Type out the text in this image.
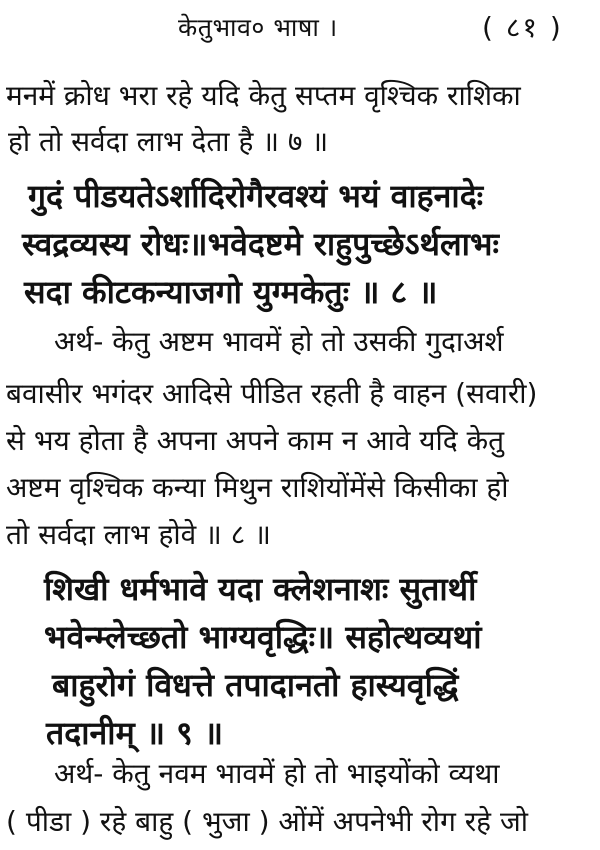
केतुभाव० भाषा ।	( ८१ )
मनमें क्रोध भरा रहे यदि केतु सप्तम वृश्चिक राशिका
हो तो सर्वदा लाभ देता है ॥ ७ ॥
गुदं पीडयतेऽर्शादिरोगैरवश्यं भयं वाहनादेः
स्वद्रव्यस्य रोधः॥भवेदष्टमे राहुपुच्छेऽर्थलाभः
सदा कीटकन्याजगो युग्मकेतुः ॥ ८ ॥
अर्थ- केतु अष्टम भावमें हो तो उसकी गुदाअर्श
बवासीर भगंदर आदिसे पीडित रहती है वाहन (सवारी)
से भय होता है अपना अपने काम न आवे यदि केतु
अष्टम वृश्चिक कन्या मिथुन राशियोंमेंसे किसीका हो
तो सर्वदा लाभ होवे ॥ ८ ॥
शिखी धर्मभावे यदा क्लेशनाशः सुतार्थी
भवेन्म्लेच्छतो भाग्यवृद्धिः॥ सहोत्थव्यथां
बाहुरोगं विधत्ते तपादानतो हास्यवृद्धिं
तदानीम् ॥ ९ ॥
अर्थ- केतु नवम भावमें हो तो भाइयोंको व्यथा
( पीडा ) रहे बाहु ( भुजा ) ओंमें अपनेभी रोग रहे जो
